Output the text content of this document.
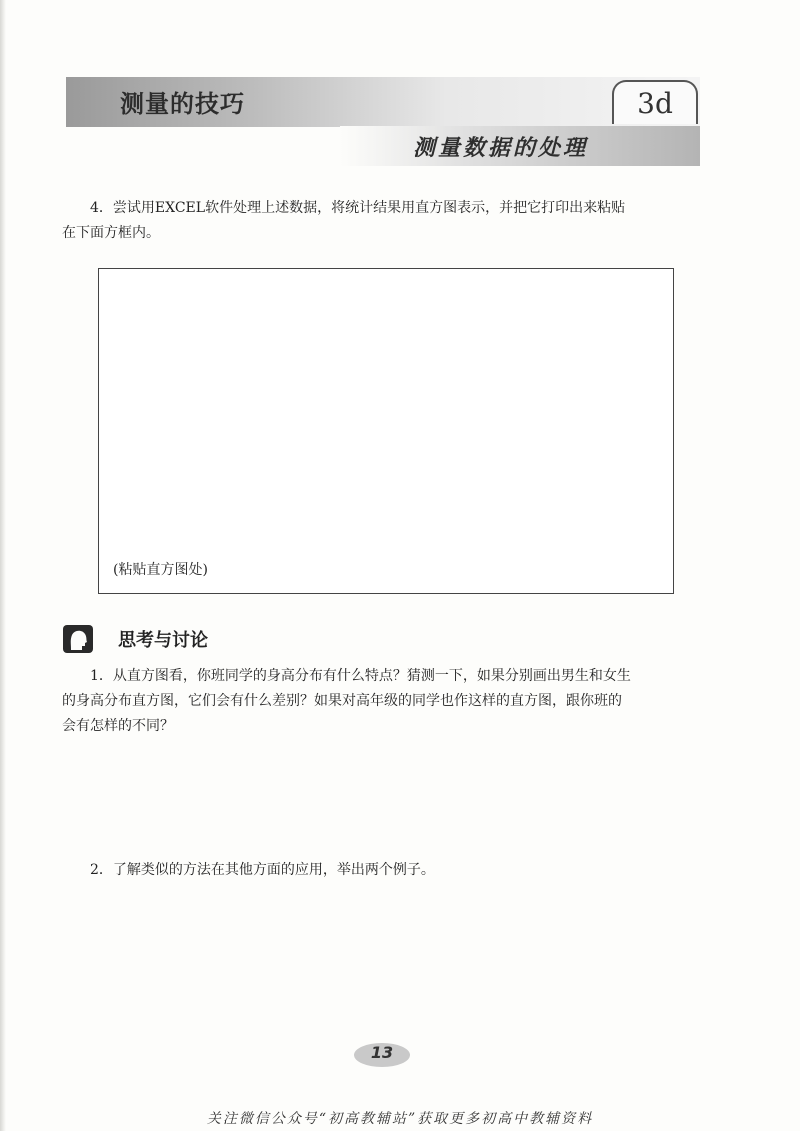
测量的技巧	3d
测量数据的处理
4．尝试用EXCEL软件处理上述数据，将统计结果用直方图表示，并把它打印出来粘贴
在下面方框内。
(粘贴直方图处)
思考与讨论
1．从直方图看，你班同学的身高分布有什么特点？猜测一下，如果分别画出男生和女生
的身高分布直方图，它们会有什么差别？如果对高年级的同学也作这样的直方图，跟你班的
会有怎样的不同？
2．了解类似的方法在其他方面的应用，举出两个例子。
13
关注微信公众号“初高教辅站”获取更多初高中教辅资料
